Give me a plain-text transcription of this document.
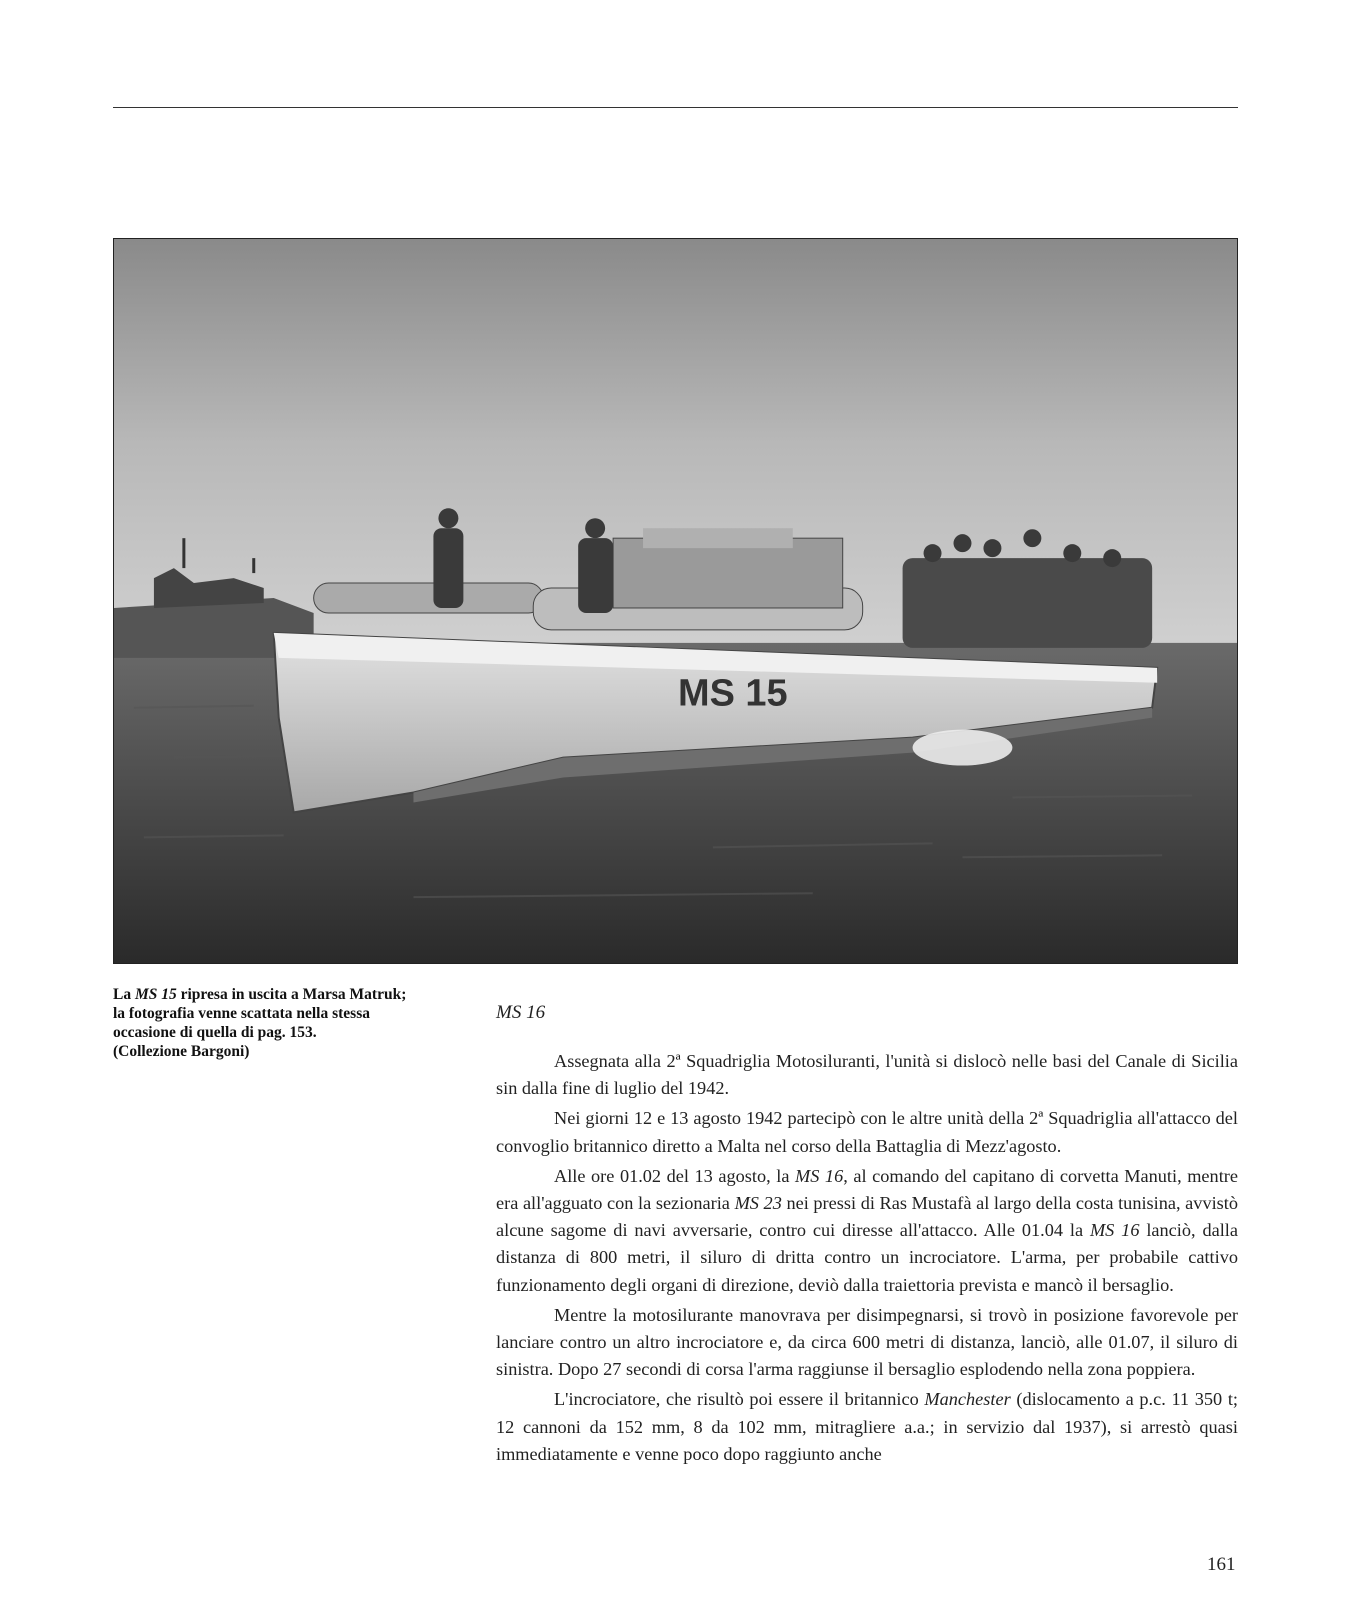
MS 15
La MS 15 ripresa in uscita a Marsa Matruk;
la fotografia venne scattata nella stessa
occasione di quella di pag. 153.
(Collezione Bargoni)
MS 16

Assegnata alla 2ª Squadriglia Motosiluranti, l'unità si dislocò nelle basi del Canale di Sicilia sin dalla fine di luglio del 1942.

Nei giorni 12 e 13 agosto 1942 partecipò con le altre unità della 2ª Squadriglia all'attacco del convoglio britannico diretto a Malta nel corso della Battaglia di Mezz'agosto.

Alle ore 01.02 del 13 agosto, la MS 16, al comando del capitano di corvetta Manuti, mentre era all'agguato con la sezionaria MS 23 nei pressi di Ras Mustafà al largo della costa tunisina, avvistò alcune sagome di navi avversarie, contro cui diresse all'attacco. Alle 01.04 la MS 16 lanciò, dalla distanza di 800 metri, il siluro di dritta contro un incrociatore. L'arma, per probabile cattivo funzionamento degli organi di direzione, deviò dalla traiettoria prevista e mancò il bersaglio.

Mentre la motosilurante manovrava per disimpegnarsi, si trovò in posizione favorevole per lanciare contro un altro incrociatore e, da circa 600 metri di distanza, lanciò, alle 01.07, il siluro di sinistra. Dopo 27 secondi di corsa l'arma raggiunse il bersaglio esplodendo nella zona poppiera.

L'incrociatore, che risultò poi essere il britannico Manchester (dislocamento a p.c. 11 350 t; 12 cannoni da 152 mm, 8 da 102 mm, mitragliere a.a.; in servizio dal 1937), si arrestò quasi immediatamente e venne poco dopo raggiunto anche

161
